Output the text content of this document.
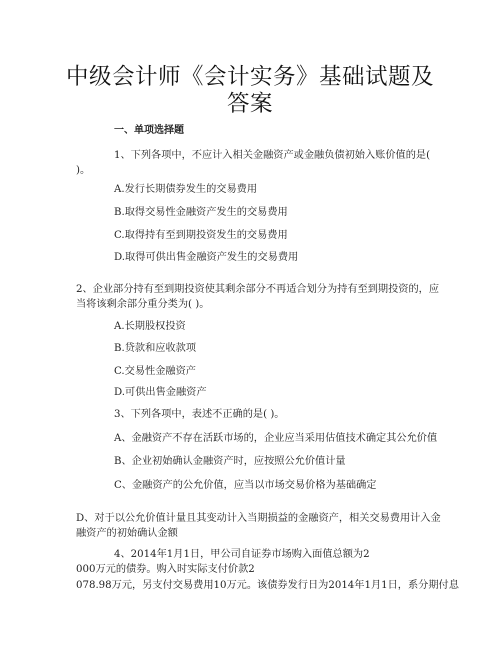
中级会计师《会计实务》基础试题及
答案
一、单项选择题
1、下列各项中，不应计入相关金融资产或金融负债初始入账价值的是(
)。
A.发行长期债券发生的交易费用
B.取得交易性金融资产发生的交易费用
C.取得持有至到期投资发生的交易费用
D.取得可供出售金融资产发生的交易费用
2、企业部分持有至到期投资使其剩余部分不再适合划分为持有至到期投资的，应
当将该剩余部分重分类为( )。
A.长期股权投资
B.贷款和应收款项
C.交易性金融资产
D.可供出售金融资产
3、下列各项中，表述不正确的是( )。
A、金融资产不存在活跃市场的，企业应当采用估值技术确定其公允价值
B、企业初始确认金融资产时，应按照公允价值计量
C、金融资产的公允价值，应当以市场交易价格为基础确定
D、对于以公允价值计量且其变动计入当期损益的金融资产，相关交易费用计入金
融资产的初始确认金额
4、2014年1月1日，甲公司自证券市场购入面值总额为2
000万元的债券。购入时实际支付价款2
078.98万元，另支付交易费用10万元。该债券发行日为2014年1月1日，系分期付息
